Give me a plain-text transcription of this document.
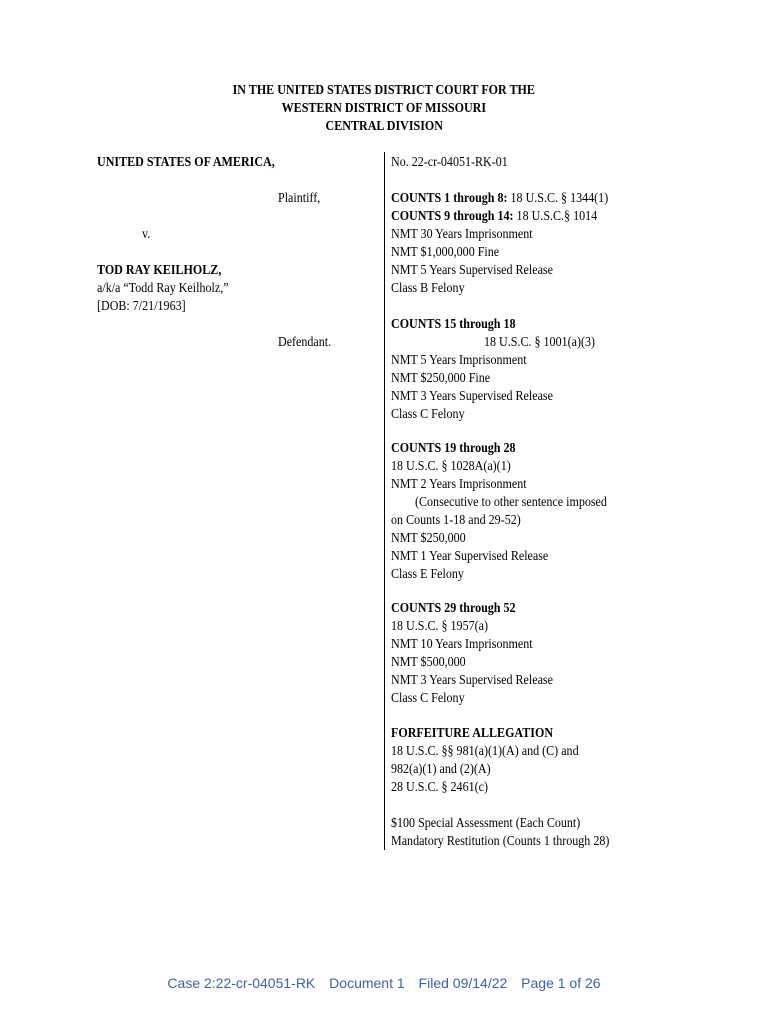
IN THE UNITED STATES DISTRICT COURT FOR THE
WESTERN DISTRICT OF MISSOURI
CENTRAL DIVISION
UNITED STATES OF AMERICA,
Plaintiff,
v.
TOD RAY KEILHOLZ,
a/k/a “Todd Ray Keilholz,”
[DOB: 7/21/1963]
Defendant.
No. 22-cr-04051-RK-01
COUNTS 1 through 8: 18 U.S.C. § 1344(1)
COUNTS 9 through 14: 18 U.S.C.§ 1014
NMT 30 Years Imprisonment
NMT $1,000,000 Fine
NMT 5 Years Supervised Release
Class B Felony
COUNTS 15 through 18
18 U.S.C. § 1001(a)(3)
NMT 5 Years Imprisonment
NMT $250,000 Fine
NMT 3 Years Supervised Release
Class C Felony
COUNTS 19 through 28
18 U.S.C. § 1028A(a)(1)
NMT 2 Years Imprisonment
(Consecutive to other sentence imposed
on Counts 1-18 and 29-52)
NMT $250,000
NMT 1 Year Supervised Release
Class E Felony
COUNTS 29 through 52
18 U.S.C. § 1957(a)
NMT 10 Years Imprisonment
NMT $500,000
NMT 3 Years Supervised Release
Class C Felony
FORFEITURE ALLEGATION
18 U.S.C. §§ 981(a)(1)(A) and (C) and
982(a)(1) and (2)(A)
28 U.S.C. § 2461(c)
$100 Special Assessment (Each Count)
Mandatory Restitution (Counts 1 through 28)
Case 2:22-cr-04051-RK Document 1 Filed 09/14/22 Page 1 of 26
